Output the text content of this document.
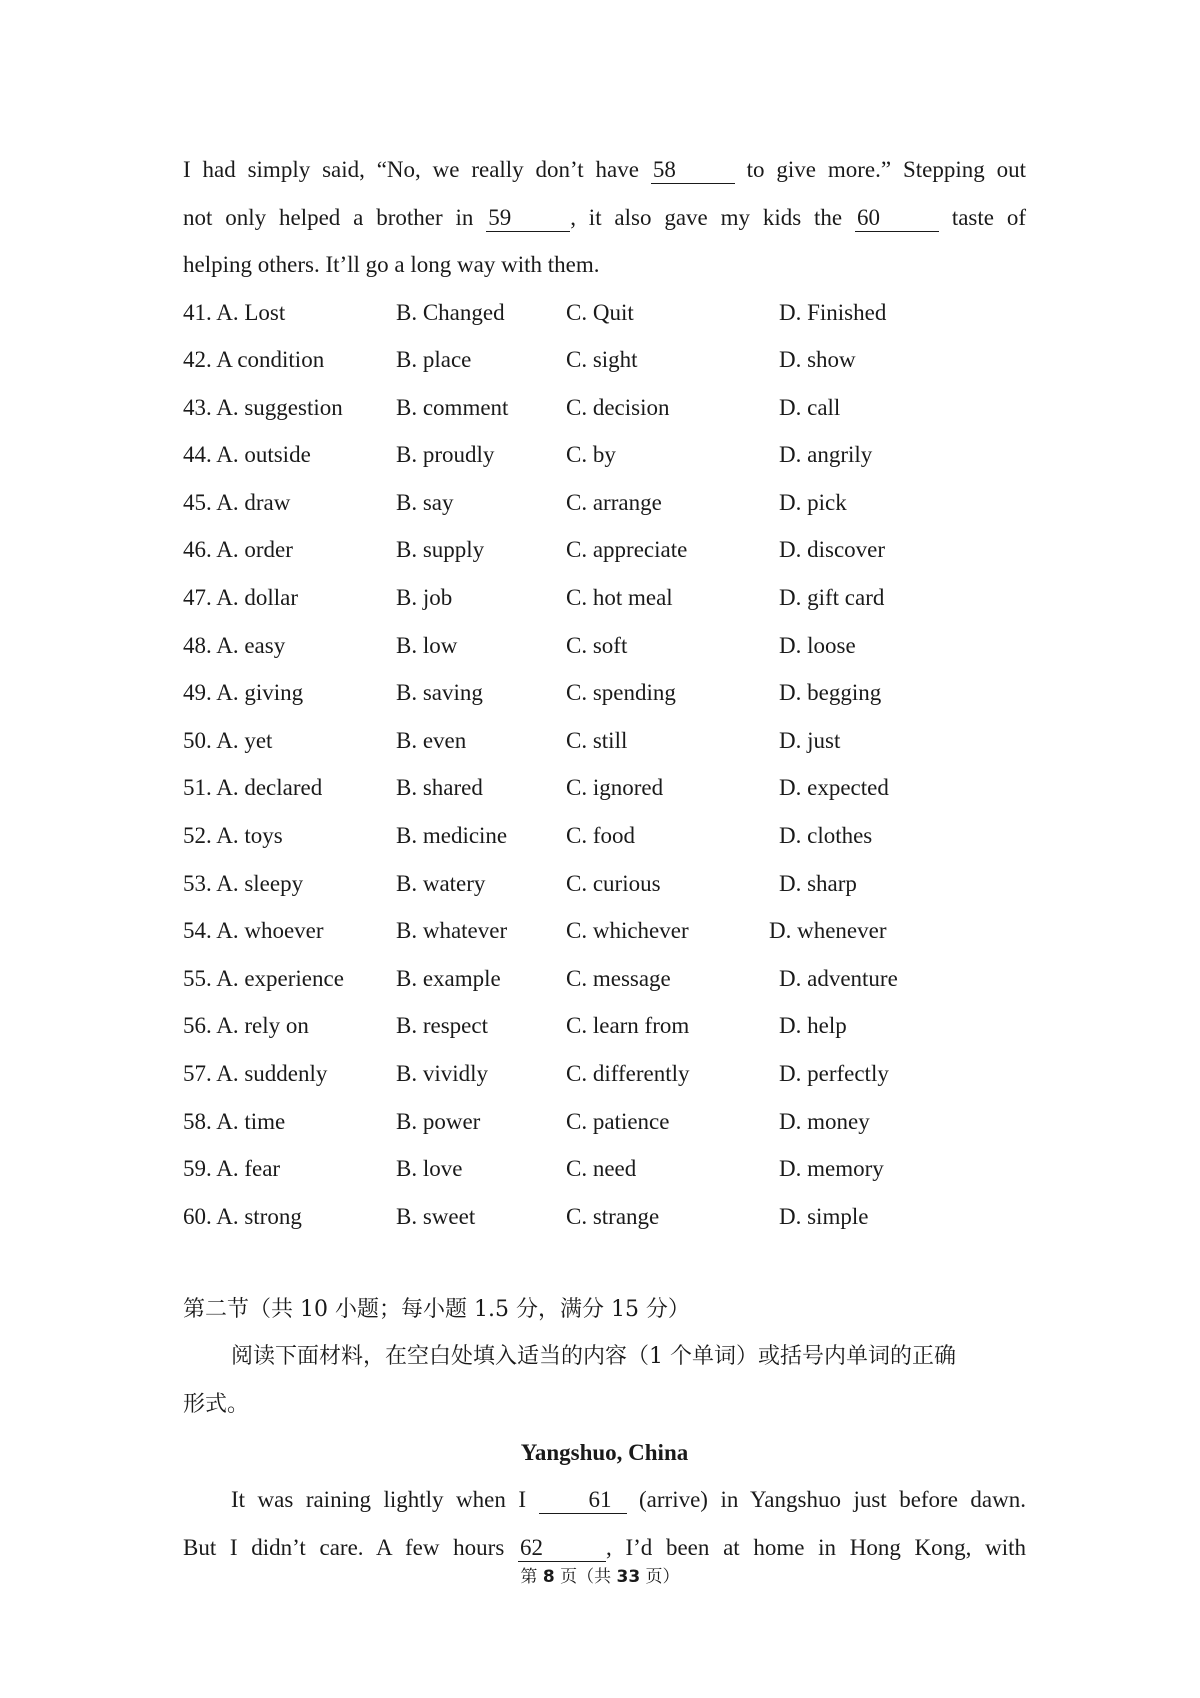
I had simply said, “No, we really don’t have 58	to give more.” Stepping out
not only helped a brother in 59	, it also gave my kids the 60	taste of
helping others. It’ll go a long way with them.

41. A. Lost	B. Changed	C. Quit	D. Finished
42. A condition	B. place	C. sight	D. show
43. A. suggestion B. comment	C. decision	D. call
44. A. outside	B. proudly	C. by	D. angrily
45. A. draw	B. say	C. arrange	D. pick
46. A. order	B. supply	C. appreciate	D. discover
47. A. dollar	B. job	C. hot meal	D. gift card
48. A. easy	B. low	C. soft	D. loose
49. A. giving	B. saving	C. spending	D. begging
50. A. yet	B. even	C. still	D. just
51. A. declared	B. shared	C. ignored	D. expected
52. A. toys	B. medicine	C. food	D. clothes
53. A. sleepy	B. watery	C. curious	D. sharp
54. A. whoever	B. whatever	C. whichever	D. whenever
55. A. experience B. example	C. message	D. adventure
56. A. rely on	B. respect	C. learn from	D. help
57. A. suddenly	B. vividly	C. differently	D. perfectly
58. A. time	B. power	C. patience	D. money
59. A. fear	B. love	C. need	D. memory
60. A. strong	B. sweet	C. strange	D. simple
第二节（共 10 小题；每小题 1.5 分，满分 15 分）

阅读下面材料，在空白处填入适当的内容（1 个单词）或括号内单词的正确

形式。

Yangshuo, China

It was raining lightly when I 61 (arrive) in Yangshuo just before dawn.
But I didn’t care. A few hours 62	, I’d been at home in Hong Kong, with

第 8 页（共 33 页）
